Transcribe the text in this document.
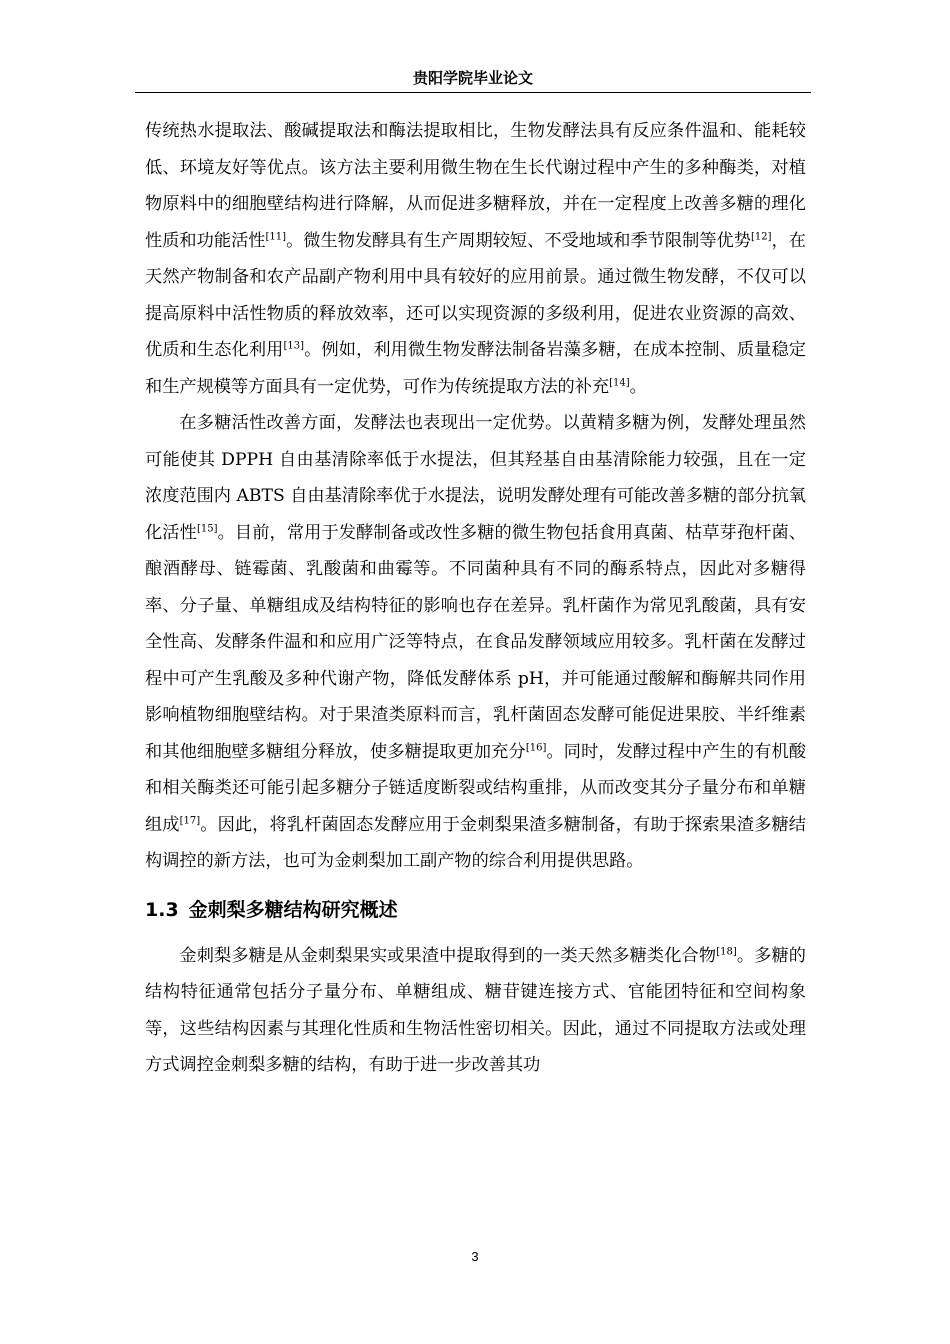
贵阳学院毕业论文

传统热水提取法、酸碱提取法和酶法提取相比，生物发酵法具有反应条件温和、能耗较低、环境友好等优点。该方法主要利用微生物在生长代谢过程中产生的多种酶类，对植物原料中的细胞壁结构进行降解，从而促进多糖释放，并在一定程度上改善多糖的理化性质和功能活性[11]。微生物发酵具有生产周期较短、不受地域和季节限制等优势[12]，在天然产物制备和农产品副产物利用中具有较好的应用前景。通过微生物发酵，不仅可以提高原料中活性物质的释放效率，还可以实现资源的多级利用，促进农业资源的高效、优质和生态化利用[13]。例如，利用微生物发酵法制备岩藻多糖，在成本控制、质量稳定和生产规模等方面具有一定优势，可作为传统提取方法的补充[14]。

在多糖活性改善方面，发酵法也表现出一定优势。以黄精多糖为例，发酵处理虽然可能使其 DPPH 自由基清除率低于水提法，但其羟基自由基清除能力较强，且在一定浓度范围内 ABTS 自由基清除率优于水提法，说明发酵处理有可能改善多糖的部分抗氧化活性[15]。目前，常用于发酵制备或改性多糖的微生物包括食用真菌、枯草芽孢杆菌、酿酒酵母、链霉菌、乳酸菌和曲霉等。不同菌种具有不同的酶系特点，因此对多糖得率、分子量、单糖组成及结构特征的影响也存在差异。乳杆菌作为常见乳酸菌，具有安全性高、发酵条件温和和应用广泛等特点，在食品发酵领域应用较多。乳杆菌在发酵过程中可产生乳酸及多种代谢产物，降低发酵体系 pH，并可能通过酸解和酶解共同作用影响植物细胞壁结构。对于果渣类原料而言，乳杆菌固态发酵可能促进果胶、半纤维素和其他细胞壁多糖组分释放，使多糖提取更加充分[16]。同时，发酵过程中产生的有机酸和相关酶类还可能引起多糖分子链适度断裂或结构重排，从而改变其分子量分布和单糖组成[17]。因此，将乳杆菌固态发酵应用于金刺梨果渣多糖制备，有助于探索果渣多糖结构调控的新方法，也可为金刺梨加工副产物的综合利用提供思路。

1.3 金刺梨多糖结构研究概述

金刺梨多糖是从金刺梨果实或果渣中提取得到的一类天然多糖类化合物[18]。多糖的结构特征通常包括分子量分布、单糖组成、糖苷键连接方式、官能团特征和空间构象等，这些结构因素与其理化性质和生物活性密切相关。因此，通过不同提取方法或处理方式调控金刺梨多糖的结构，有助于进一步改善其功

3
